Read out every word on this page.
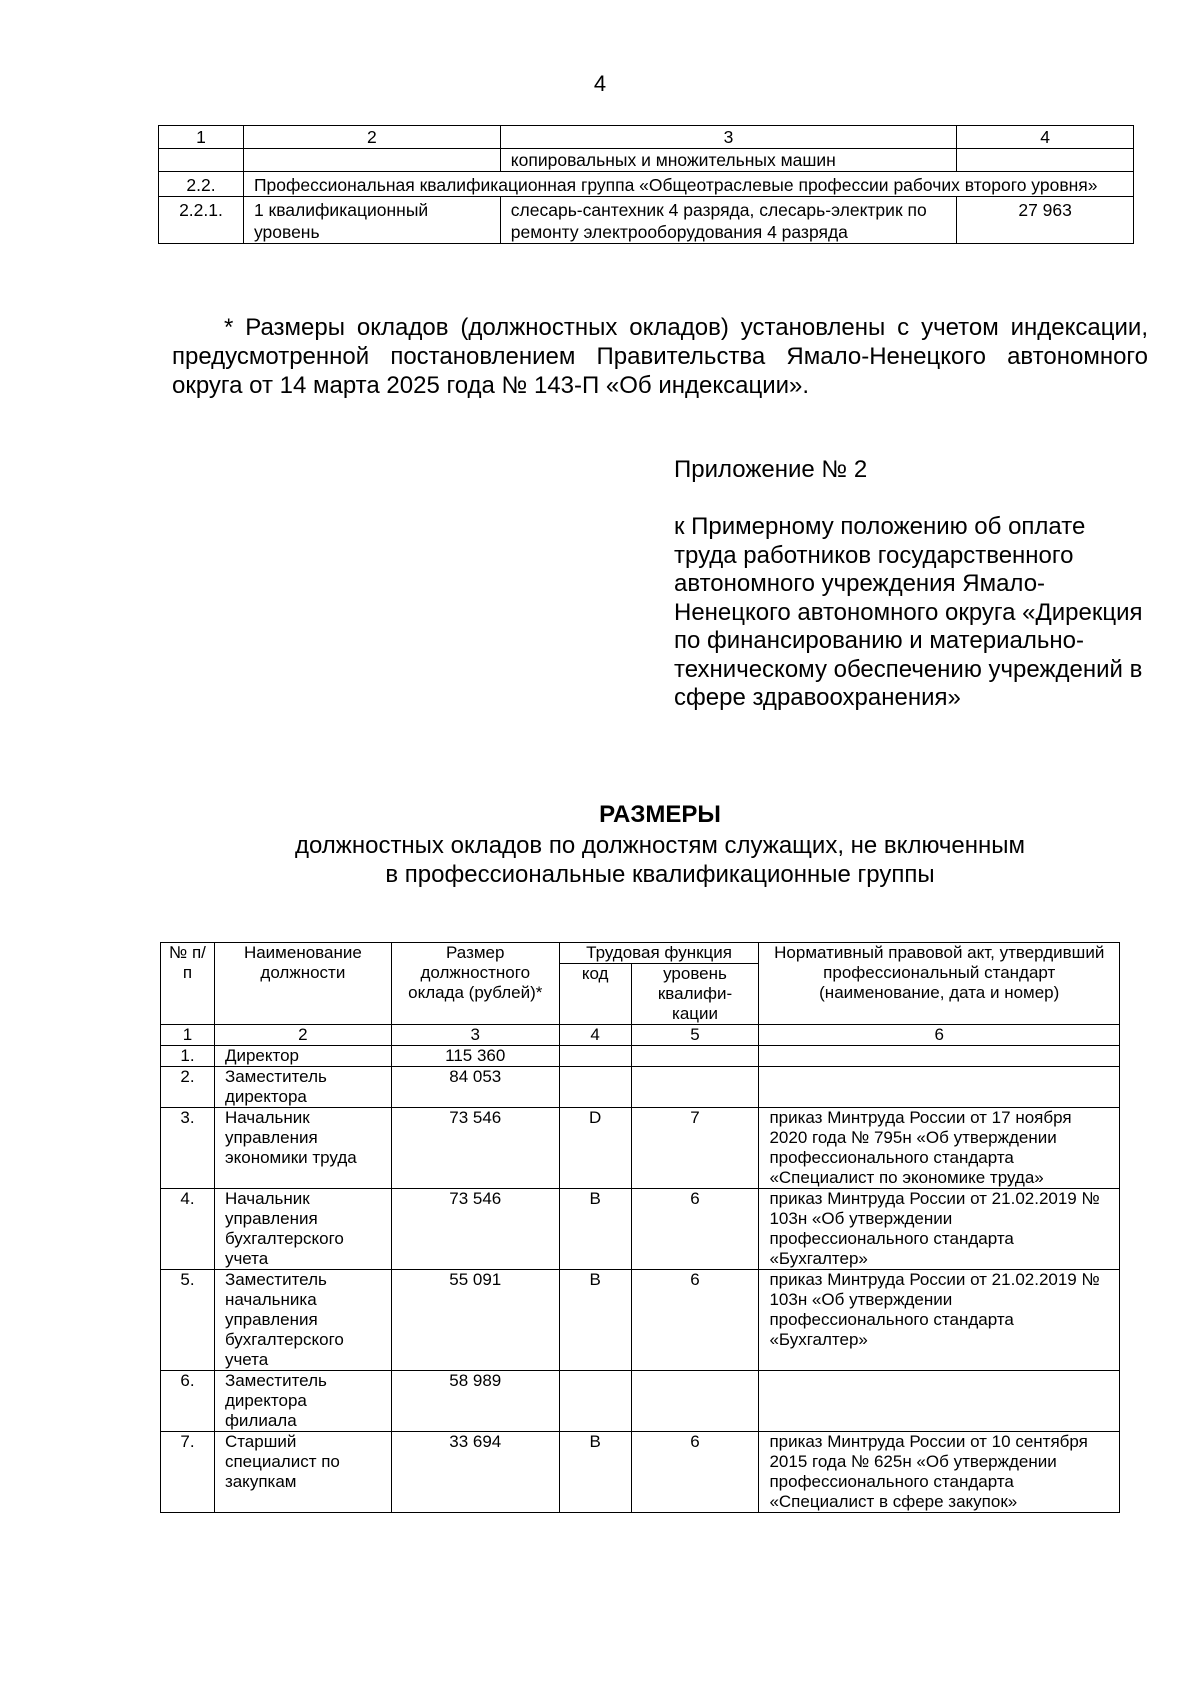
4
1	2	3	4
		копировальных и множительных машин	
2.2.	Профессиональная квалификационная группа «Общеотраслевые профессии рабочих второго уровня»		
2.2.1.	1 квалификационный уровень	слесарь-сантехник 4 разряда, слесарь-электрик по ремонту электрооборудования 4 разряда	27 963

* Размеры окладов (должностных окладов) установлены с учетом индексации, предусмотренной постановлением Правительства Ямало-Ненецкого автономного округа от 14 марта 2025 года № 143-П «Об индексации».

Приложение № 2
к Примерному положению об оплате труда работников государственного автономного учреждения Ямало-Ненецкого автономного округа «Дирекция по финансированию и материально-техническому обеспечению учреждений в сфере здравоохранения»
РАЗМЕРЫ
должностных окладов по должностям служащих, не включенным
в профессиональные квалификационные группы
№ п/п	Наименование должности	Размер должностного оклада (рублей)*	Трудовая функция		Нормативный правовой акт, утвердивший профессиональный стандарт (наименование, дата и номер)
			код	уровень квалифи-кации	
1	2	3	4	5	6
1.	Директор	115 360			
2.	Заместитель директора	84 053			
3.	Начальник управления экономики труда	73 546	D	7	приказ Минтруда России от 17 ноября 2020 года № 795н «Об утверждении профессионального стандарта «Специалист по экономике труда»
4.	Начальник управления бухгалтерского учета	73 546	B	6	приказ Минтруда России от 21.02.2019 № 103н «Об утверждении профессионального стандарта «Бухгалтер»
5.	Заместитель начальника управления бухгалтерского учета	55 091	B	6	приказ Минтруда России от 21.02.2019 № 103н «Об утверждении профессионального стандарта «Бухгалтер»
6.	Заместитель директора филиала	58 989			
7.	Старший специалист по закупкам	33 694	B	6	приказ Минтруда России от 10 сентября 2015 года № 625н «Об утверждении профессионального стандарта «Специалист в сфере закупок»
